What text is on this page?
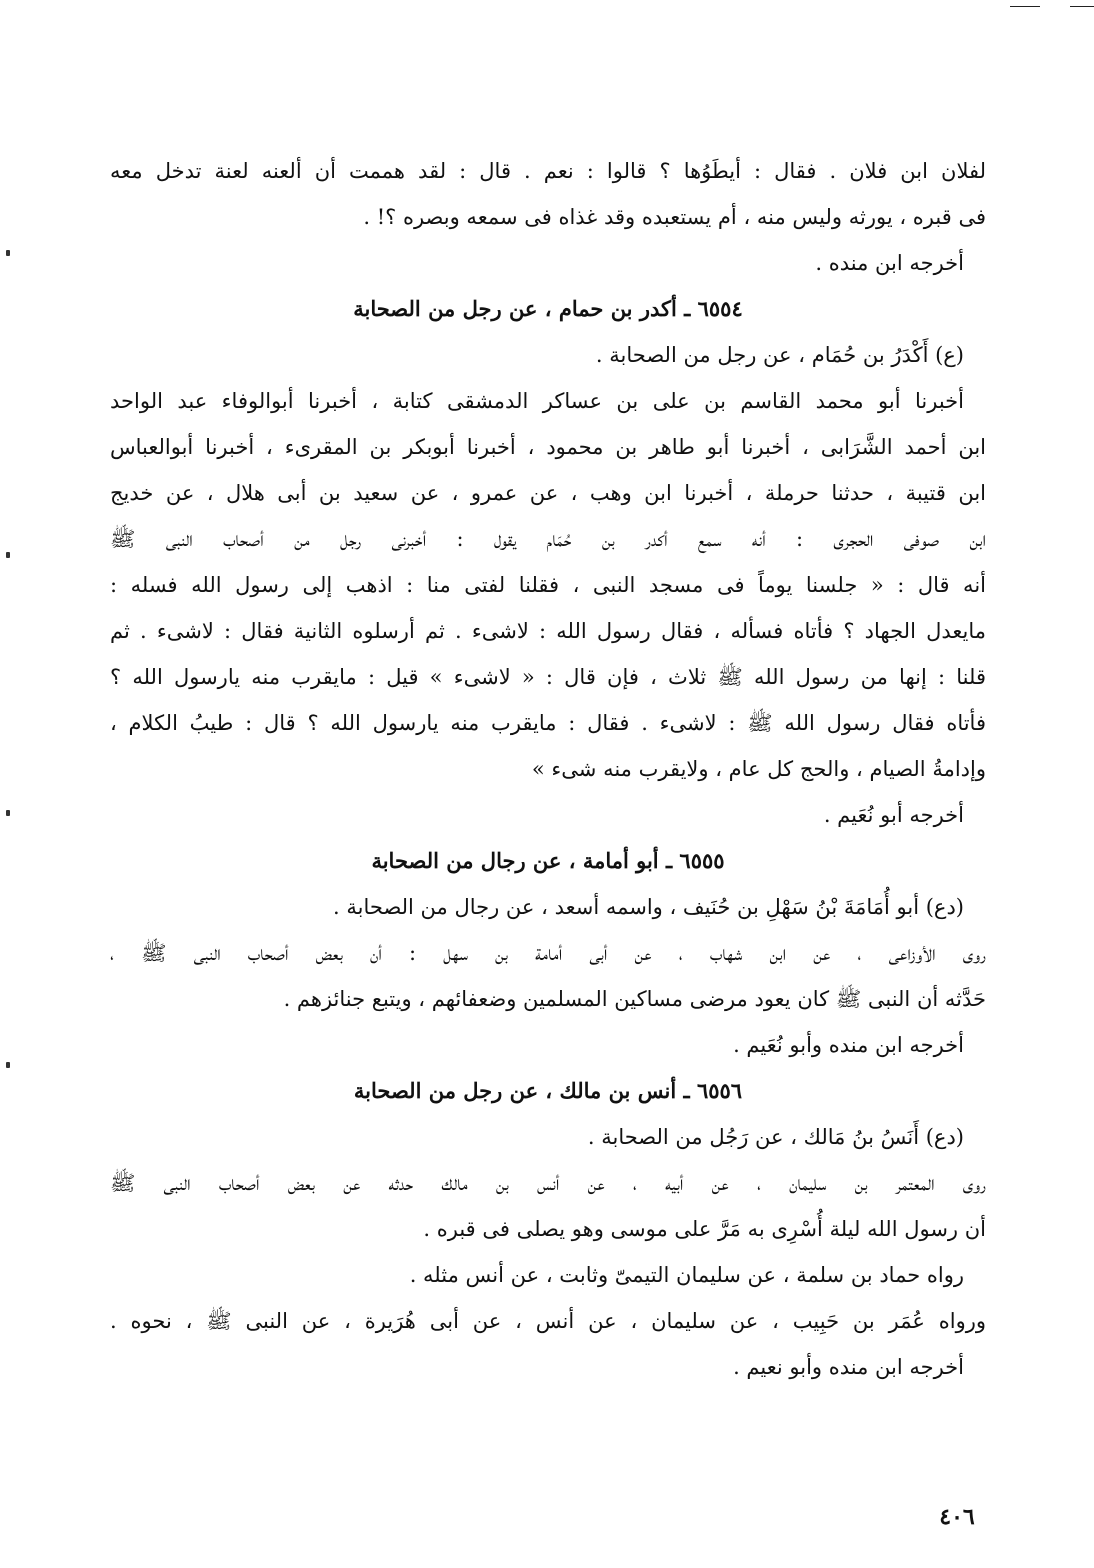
لفلان ابن فلان . فقال : أيطَوُها ؟ قالوا : نعم . قال : لقد هممت أن ألعنه لعنة تدخل معه
فى قبره ، يورثه وليس منه ، أم يستعبده وقد غذاه فى سمعه وبصره ؟! .
أخرجه ابن منده .
٦٥٥٤ ـ أكدر بن حمام ، عن رجل من الصحابة
(ع) أَكْدَرُ بن حُمَام ، عن رجل من الصحابة .
أخبرنا أبو محمد القاسم بن على بن عساكر الدمشقى كتابة ، أخبرنا أبوالوفاء عبد الواحد
ابن أحمد الشَّرَابى ، أخبرنا أبو طاهر بن محمود ، أخبرنا أبوبكر بن المقرىء ، أخبرنا أبوالعباس
ابن قتيبة ، حدثنا حرملة ، أخبرنا ابن وهب ، عن عمرو ، عن سعيد بن أبى هلال ، عن خديج
ابن صوفى الحجرى : أنه سمع أكدر بن حُمَام يقول : أخبرنى رجل من أصحاب النبى ﷺ
أنه قال : « جلسنا يوماً فى مسجد النبى ، فقلنا لفتى منا : اذهب إلى رسول الله فسله :
مايعدل الجهاد ؟ فأتاه فسأله ، فقال رسول الله : لاشىء . ثم أرسلوه الثانية فقال : لاشىء . ثم
قلنا : إنها من رسول الله ﷺ ثلاث ، فإن قال : « لاشىء » قيل : مايقرب منه يارسول الله ؟
فأتاه فقال رسول الله ﷺ : لاشىء . فقال : مايقرب منه يارسول الله ؟ قال : طيبُ الكلام ،
وإدامةُ الصيام ، والحج كل عام ، ولايقرب منه شىء »
أخرجه أبو نُعَيم .
٦٥٥٥ ـ أبو أمامة ، عن رجال من الصحابة
(دع) أبو أُمَامَةَ بْنُ سَهْلِ بن حُنَيف ، واسمه أسعد ، عن رجال من الصحابة .
روى الأوزاعى ، عن ابن شهاب ، عن أبى أمامة بن سهل : أن بعض أصحاب النبى ﷺ ،
حَدَّثه أن النبى ﷺ كان يعود مرضى مساكين المسلمين وضعفائهم ، ويتبع جنائزهم .
أخرجه ابن منده وأبو نُعَيم .
٦٥٥٦ ـ أنس بن مالك ، عن رجل من الصحابة
(دع) أَنَسُ بنُ مَالك ، عن رَجُل من الصحابة .
روى المعتمر بن سليمان ، عن أبيه ، عن أنس بن مالك حدثه عن بعض أصحاب النبى ﷺ
أن رسول الله ليلة أُسْرِى به مَرَّ على موسى وهو يصلى فى قبره .
رواه حماد بن سلمة ، عن سليمان التيمىّ وثابت ، عن أنس مثله .
ورواه عُمَر بن حَبِيب ، عن سليمان ، عن أنس ، عن أبى هُرَيرة ، عن النبى ﷺ ، نحوه .
أخرجه ابن منده وأبو نعيم .
٤٠٦
